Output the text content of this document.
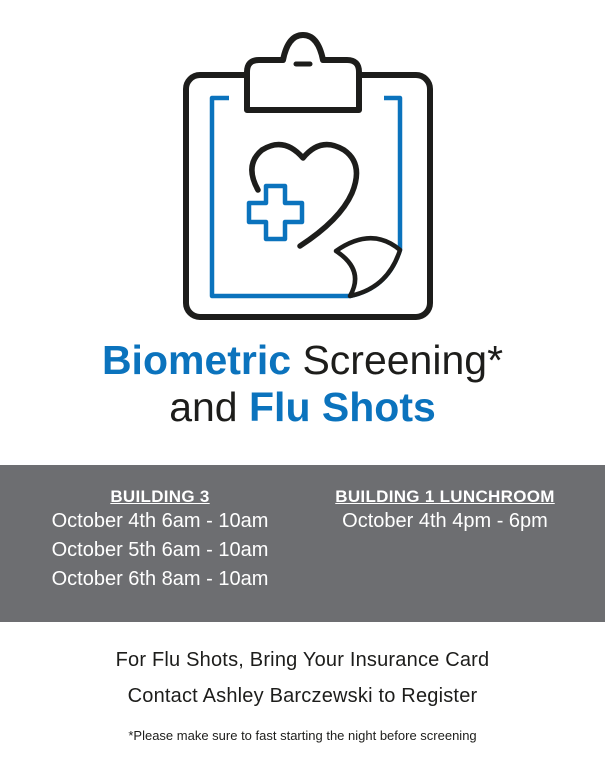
Biometric Screening*
and Flu Shots
BUILDING 3
October 4th 6am - 10am
October 5th 6am - 10am
October 6th 8am - 10am
BUILDING 1 LUNCHROOM
October 4th 4pm - 6pm
For Flu Shots, Bring Your Insurance Card
Contact Ashley Barczewski to Register
*Please make sure to fast starting the night before screening
